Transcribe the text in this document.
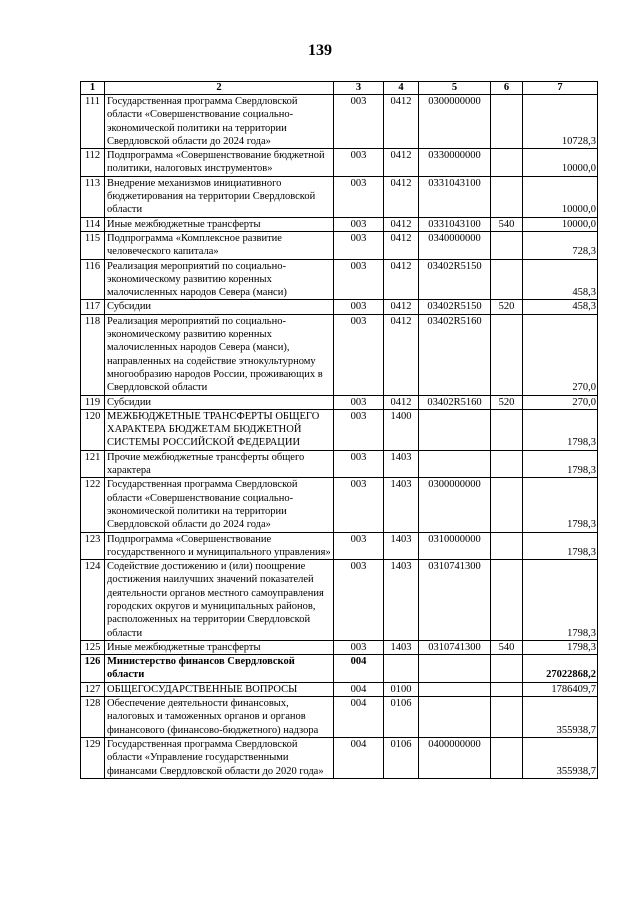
139
1	2	3	4	5	6	7
111	Государственная программа Свердловской области «Совершенствование социально-экономической политики на территории Свердловской области до 2024 года»	003	0412	0300000000		10728,3
112	Подпрограмма «Совершенствование бюджетной политики, налоговых инструментов»	003	0412	0330000000		10000,0
113	Внедрение механизмов инициативного бюджетирования на территории Свердловской области	003	0412	0331043100		10000,0
114	Иные межбюджетные трансферты	003	0412	0331043100	540	10000,0
115	Подпрограмма «Комплексное развитие человеческого капитала»	003	0412	0340000000		728,3
116	Реализация мероприятий по социально-экономическому развитию коренных малочисленных народов Севера (манси)	003	0412	03402R5150		458,3
117	Субсидии	003	0412	03402R5150	520	458,3
118	Реализация мероприятий по социально-экономическому развитию коренных малочисленных народов Севера (манси), направленных на содействие этнокультурному многообразию народов России, проживающих в Свердловской области	003	0412	03402R5160		270,0
119	Субсидии	003	0412	03402R5160	520	270,0
120	МЕЖБЮДЖЕТНЫЕ ТРАНСФЕРТЫ ОБЩЕГО ХАРАКТЕРА БЮДЖЕТАМ БЮДЖЕТНОЙ СИСТЕМЫ РОССИЙСКОЙ ФЕДЕРАЦИИ	003	1400			1798,3
121	Прочие межбюджетные трансферты общего характера	003	1403			1798,3
122	Государственная программа Свердловской области «Совершенствование социально-экономической политики на территории Свердловской области до 2024 года»	003	1403	0300000000		1798,3
123	Подпрограмма «Совершенствование государственного и муниципального управления»	003	1403	0310000000		1798,3
124	Содействие достижению и (или) поощрение достижения наилучших значений показателей деятельности органов местного самоуправления городских округов и муниципальных районов, расположенных на территории Свердловской области	003	1403	0310741300		1798,3
125	Иные межбюджетные трансферты	003	1403	0310741300	540	1798,3
126	Министерство финансов Свердловской области	004				27022868,2
127	ОБЩЕГОСУДАРСТВЕННЫЕ ВОПРОСЫ	004	0100			1786409,7
128	Обеспечение деятельности финансовых, налоговых и таможенных органов и органов финансового (финансово-бюджетного) надзора	004	0106			355938,7
129	Государственная программа Свердловской области «Управление государственными финансами Свердловской области до 2020 года»	004	0106	0400000000		355938,7
